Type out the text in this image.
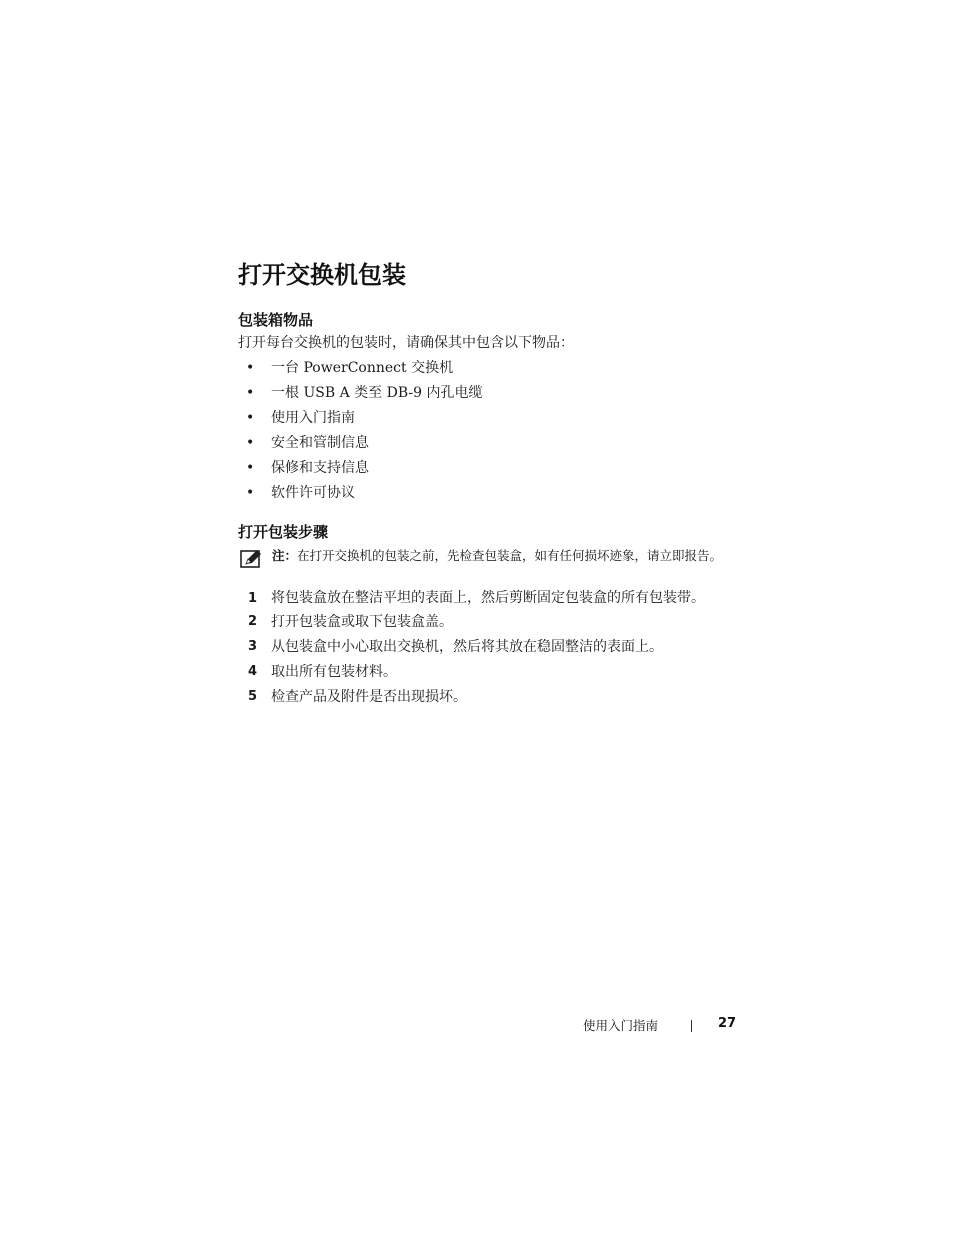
打开交换机包装
包装箱物品

打开每台交换机的包装时，请确保其中包含以下物品：

• 一台 PowerConnect 交换机
• 一根 USB A 类至 DB-9 内孔电缆
• 使用入门指南
• 安全和管制信息
• 保修和支持信息
• 软件许可协议
打开包装步骤
注：在打开交换机的包装之前，先检查包装盒，如有任何损坏迹象，请立即报告。
1 将包装盒放在整洁平坦的表面上，然后剪断固定包装盒的所有包装带。
2 打开包装盒或取下包装盒盖。
3 从包装盒中小心取出交换机，然后将其放在稳固整洁的表面上。
4 取出所有包装材料。
5 检查产品及附件是否出现损坏。
使用入门指南	27
